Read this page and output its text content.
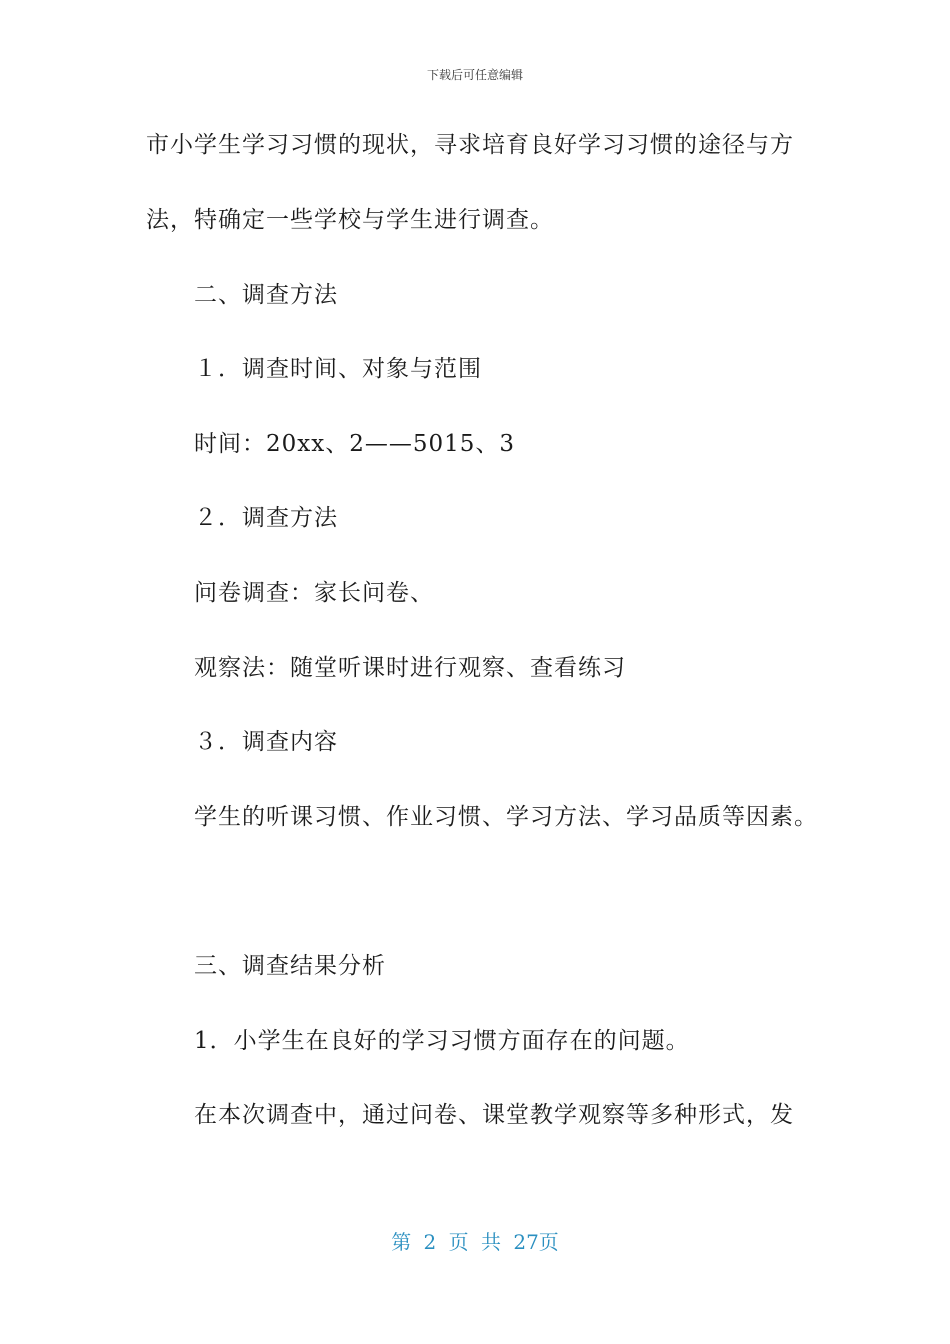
下载后可任意编辑
市小学生学习习惯的现状，寻求培育良好学习习惯的途径与方
法，特确定一些学校与学生进行调查。
二、调查方法
１．调查时间、对象与范围
时间：20xx、2——5015、3
２．调查方法
问卷调查：家长问卷、
观察法：随堂听课时进行观察、查看练习
３．调查内容
学生的听课习惯、作业习惯、学习方法、学习品质等因素。
三、调查结果分析
1．小学生在良好的学习习惯方面存在的问题。
在本次调查中，通过问卷、课堂教学观察等多种形式，发
第 2 页 共 27页
